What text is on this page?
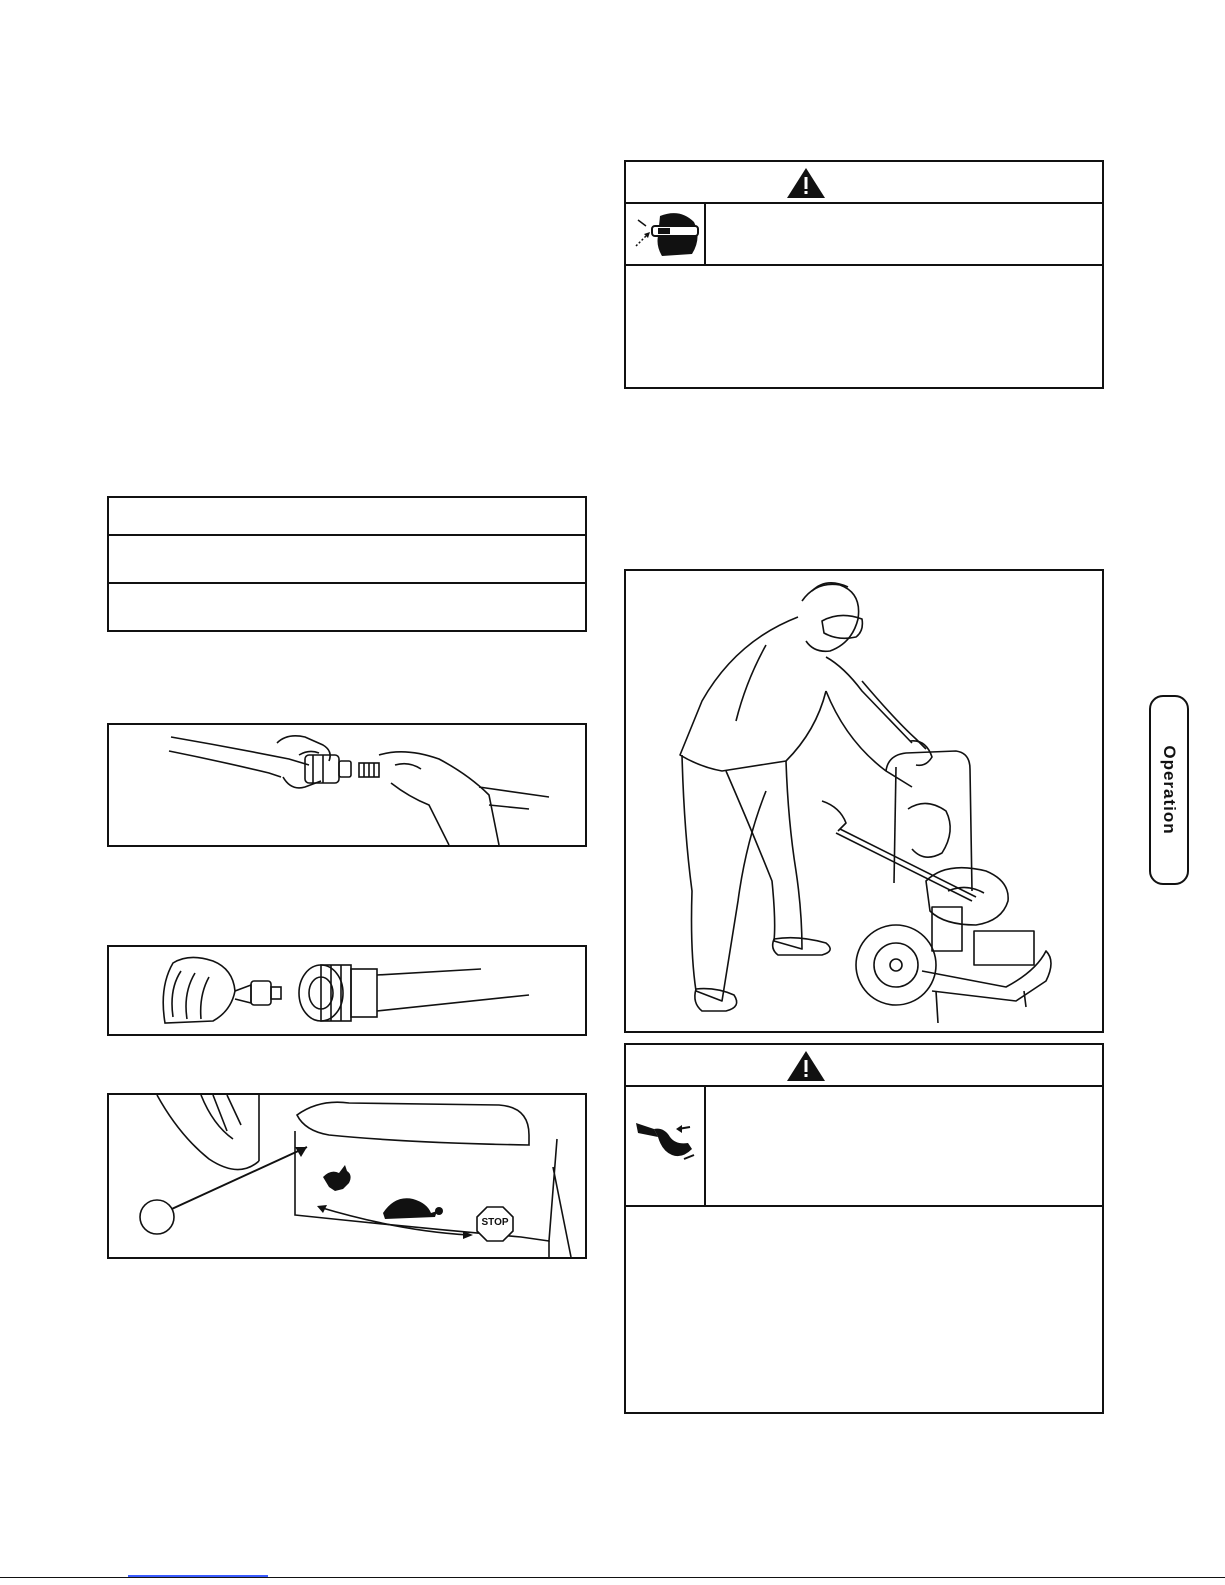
STOP
Operation
